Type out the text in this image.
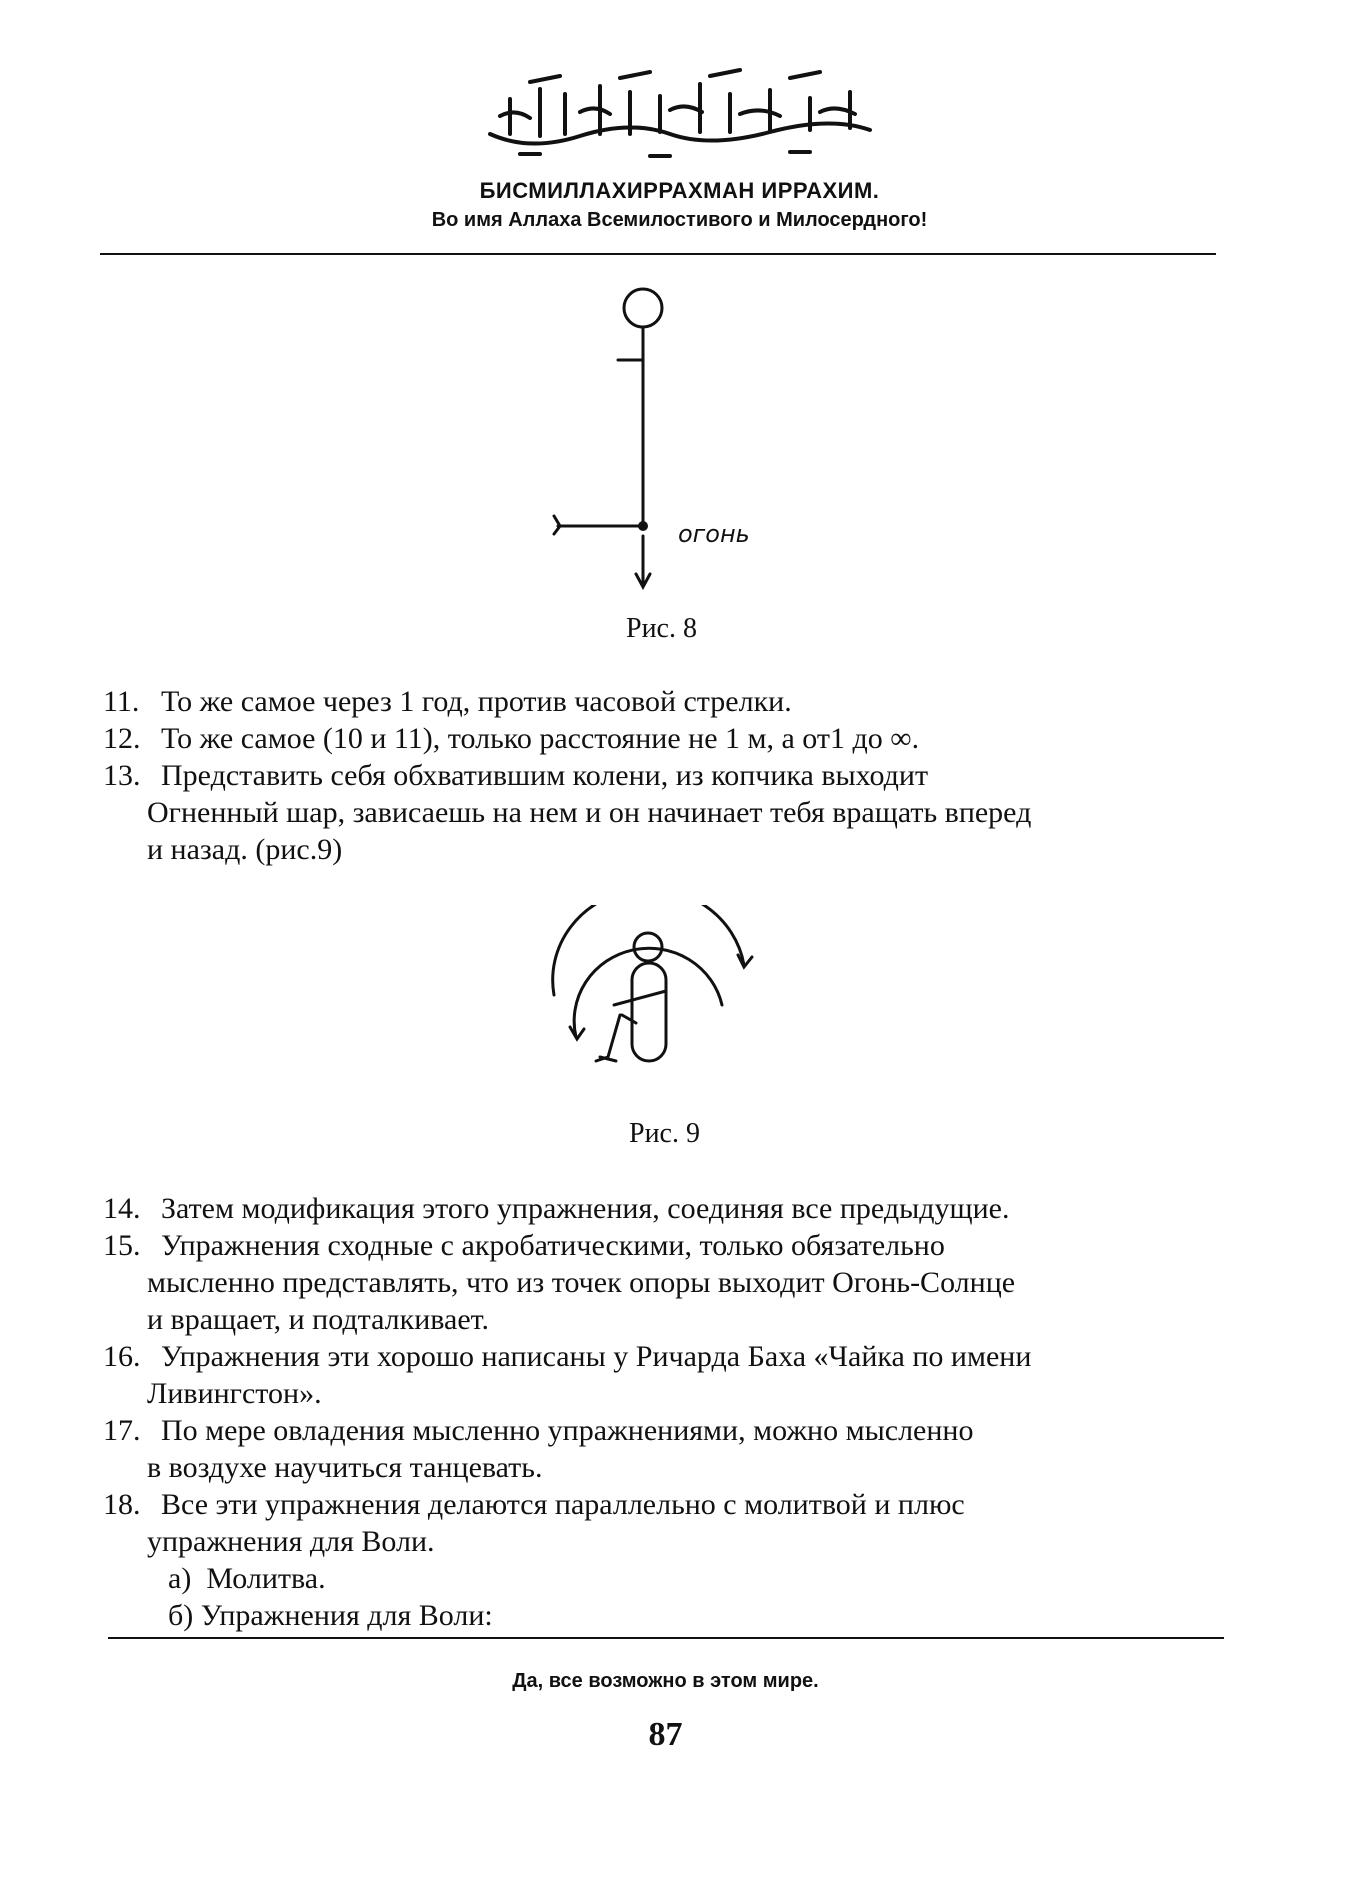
БИСМИЛЛАХИРРАХМАН ИРРАХИМ.
Во имя Аллаха Всемилостивого и Милосердного!
огонь
Рис. 8
11. То же самое через 1 год, против часовой стрелки.
12. То же самое (10 и 11), только расстояние не 1 м, а от1 до ∞.
13. Представить себя обхватившим колени, из копчика выходит
Огненный шар, зависаешь на нем и он начинает тебя вращать вперед
и назад. (рис.9)
Рис. 9
14. Затем модификация этого упражнения, соединяя все предыдущие.
15. Упражнения сходные с акробатическими, только обязательно
мысленно представлять, что из точек опоры выходит Огонь-Солнце
и вращает, и подталкивает.
16. Упражнения эти хорошо написаны у Ричарда Баха «Чайка по имени
Ливингстон».
17. По мере овладения мысленно упражнениями, можно мысленно
в воздухе научиться танцевать.
18. Все эти упражнения делаются параллельно с молитвой и плюс
упражнения для Воли.
а) Молитва.
б) Упражнения для Воли:
Да, все возможно в этом мире.
87
